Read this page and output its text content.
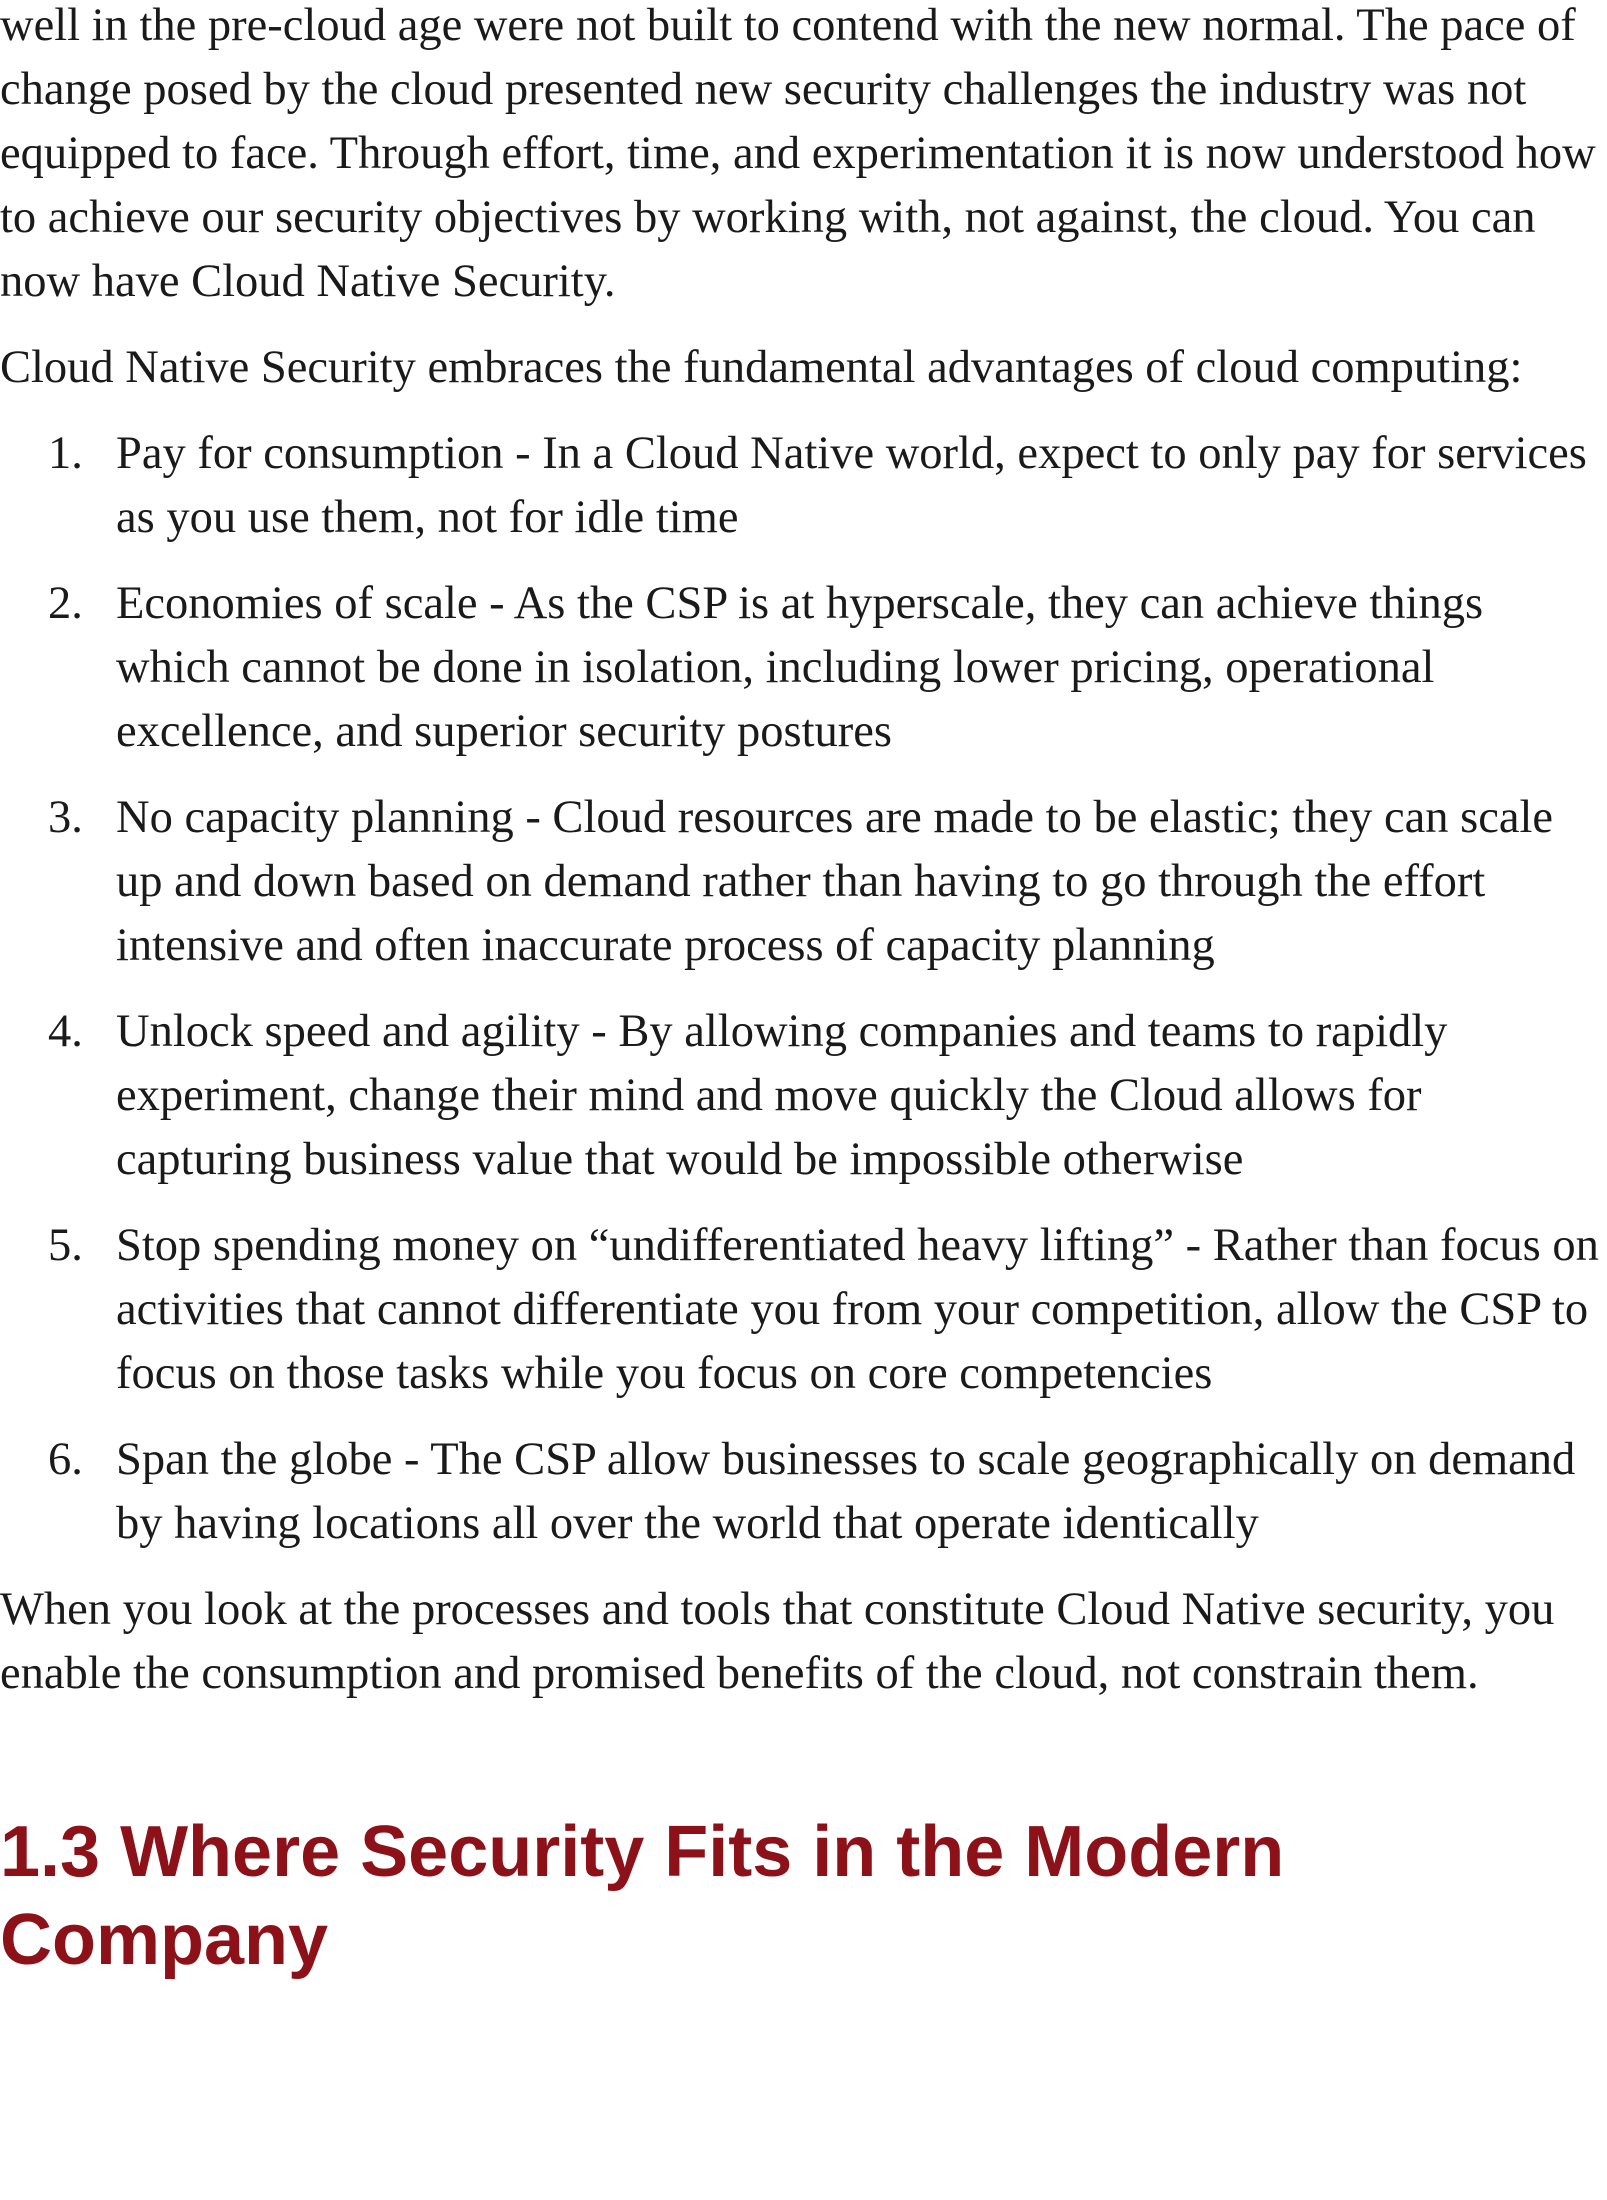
well in the pre-cloud age were not built to contend with the new normal. The pace of change posed by the cloud presented new security challenges the industry was not equipped to face. Through effort, time, and experimentation it is now understood how to achieve our security objectives by working with, not against, the cloud. You can now have Cloud Native Security.

Cloud Native Security embraces the fundamental advantages of cloud computing:

1. Pay for consumption - In a Cloud Native world, expect to only pay for services as you use them, not for idle time
2. Economies of scale - As the CSP is at hyperscale, they can achieve things which cannot be done in isolation, including lower pricing, operational excellence, and superior security postures
3. No capacity planning - Cloud resources are made to be elastic; they can scale up and down based on demand rather than having to go through the effort intensive and often inaccurate process of capacity planning
4. Unlock speed and agility - By allowing companies and teams to rapidly experiment, change their mind and move quickly the Cloud allows for capturing business value that would be impossible otherwise
5. Stop spending money on “undifferentiated heavy lifting” - Rather than focus on activities that cannot differentiate you from your competition, allow the CSP to focus on those tasks while you focus on core competencies
6. Span the globe - The CSP allow businesses to scale geographically on demand by having locations all over the world that operate identically

When you look at the processes and tools that constitute Cloud Native security, you enable the consumption and promised benefits of the cloud, not constrain them.

1.3 Where Security Fits in the Modern Company
